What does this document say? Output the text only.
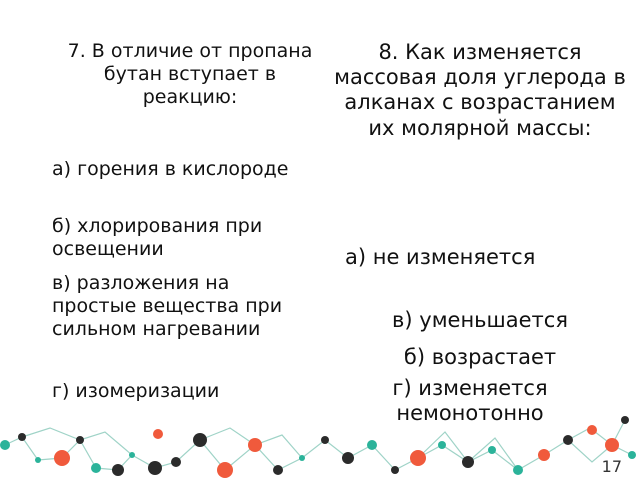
7. В отличие от пропана бутан вступает в реакцию:
а) горения в кислороде
б) хлорирования при освещении
в) разложения на простые вещества при сильном нагревании
г) изомеризации
8. Как изменяется массовая доля углерода в алканах с возрастанием их молярной массы:
а) не изменяется
в) уменьшается
б) возрастает
г) изменяется немонотонно
17
